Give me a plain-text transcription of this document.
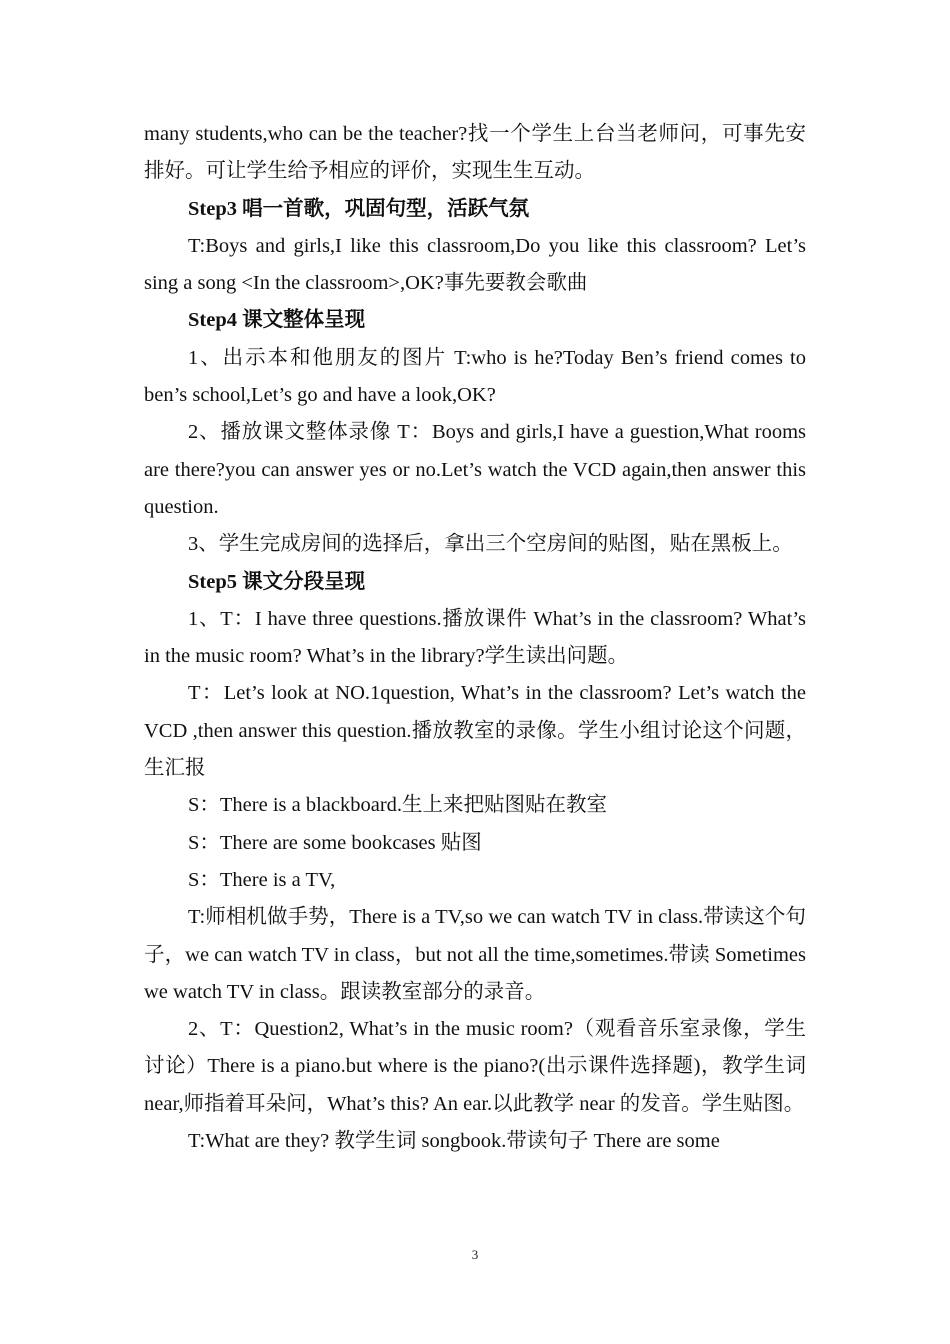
many students,who can be the teacher?找一个学生上台当老师问，可事先安排好。可让学生给予相应的评价，实现生生互动。

Step3 唱一首歌，巩固句型，活跃气氛

T:Boys and girls,I like this classroom,Do you like this classroom? Let’s sing a song <In the classroom>,OK?事先要教会歌曲

Step4 课文整体呈现

1、出示本和他朋友的图片 T:who is he?Today Ben’s friend comes to ben’s school,Let’s go and have a look,OK?

2、播放课文整体录像 T：Boys and girls,I have a guestion,What rooms are there?you can answer yes or no.Let’s watch the VCD again,then answer this question.

3、学生完成房间的选择后，拿出三个空房间的贴图，贴在黑板上。

Step5 课文分段呈现

1、T：I have three questions.播放课件 What’s in the classroom? What’s in the music room? What’s in the library?学生读出问题。

T：Let’s look at NO.1question, What’s in the classroom? Let’s watch the VCD ,then answer this question.播放教室的录像。学生小组讨论这个问题，生汇报

S：There is a blackboard.生上来把贴图贴在教室

S：There are some bookcases 贴图

S：There is a TV,

T:师相机做手势，There is a TV,so we can watch TV in class.带读这个句子，we can watch TV in class，but not all the time,sometimes.带读 Sometimes we watch TV in class。跟读教室部分的录音。

2、T：Question2, What’s in the music room?（观看音乐室录像，学生讨论）There is a piano.but where is the piano?(出示课件选择题)，教学生词 near,师指着耳朵问，What’s this? An ear.以此教学 near 的发音。学生贴图。

T:What are they? 教学生词 songbook.带读句子 There are some

3
